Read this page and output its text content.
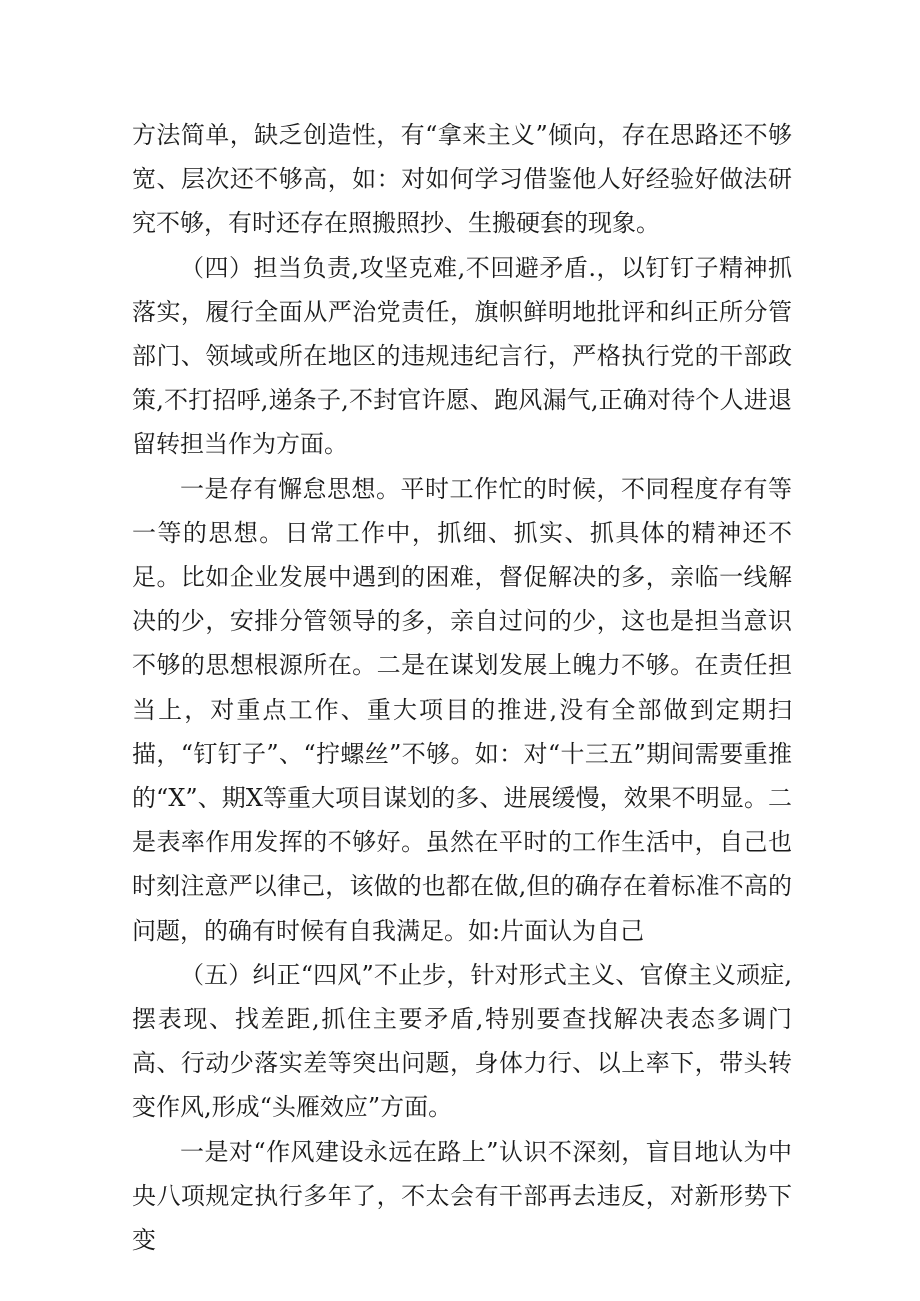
方法简单，缺乏创造性，有“拿来主义”倾向，存在思路还不够宽、层次还不够高，如：对如何学习借鉴他人好经验好做法研究不够，有时还存在照搬照抄、生搬硬套的现象。

（四）担当负责,攻坚克难,不回避矛盾.，以钉钉子精神抓落实，履行全面从严治党责任，旗帜鲜明地批评和纠正所分管部门、领域或所在地区的违规违纪言行，严格执行党的干部政策,不打招呼,递条子,不封官许愿、跑风漏气,正确对待个人进退留转担当作为方面。

一是存有懈怠思想。平时工作忙的时候，不同程度存有等一等的思想。日常工作中，抓细、抓实、抓具体的精神还不足。比如企业发展中遇到的困难，督促解决的多，亲临一线解决的少，安排分管领导的多，亲自过问的少，这也是担当意识不够的思想根源所在。二是在谋划发展上魄力不够。在责任担当上，对重点工作、重大项目的推进,没有全部做到定期扫描，“钉钉子”、“拧螺丝”不够。如：对“十三五”期间需要重推的“X”、期X等重大项目谋划的多、进展缓慢，效果不明显。二是表率作用发挥的不够好。虽然在平时的工作生活中，自己也时刻注意严以律己，该做的也都在做,但的确存在着标准不高的问题，的确有时候有自我满足。如:片面认为自己

（五）纠正“四风”不止步，针对形式主义、官僚主义顽症,摆表现、找差距,抓住主要矛盾,特别要查找解决表态多调门高、行动少落实差等突出问题，身体力行、以上率下，带头转变作风,形成“头雁效应”方面。

一是对“作风建设永远在路上”认识不深刻，盲目地认为中央八项规定执行多年了，不太会有干部再去违反，对新形势下变
